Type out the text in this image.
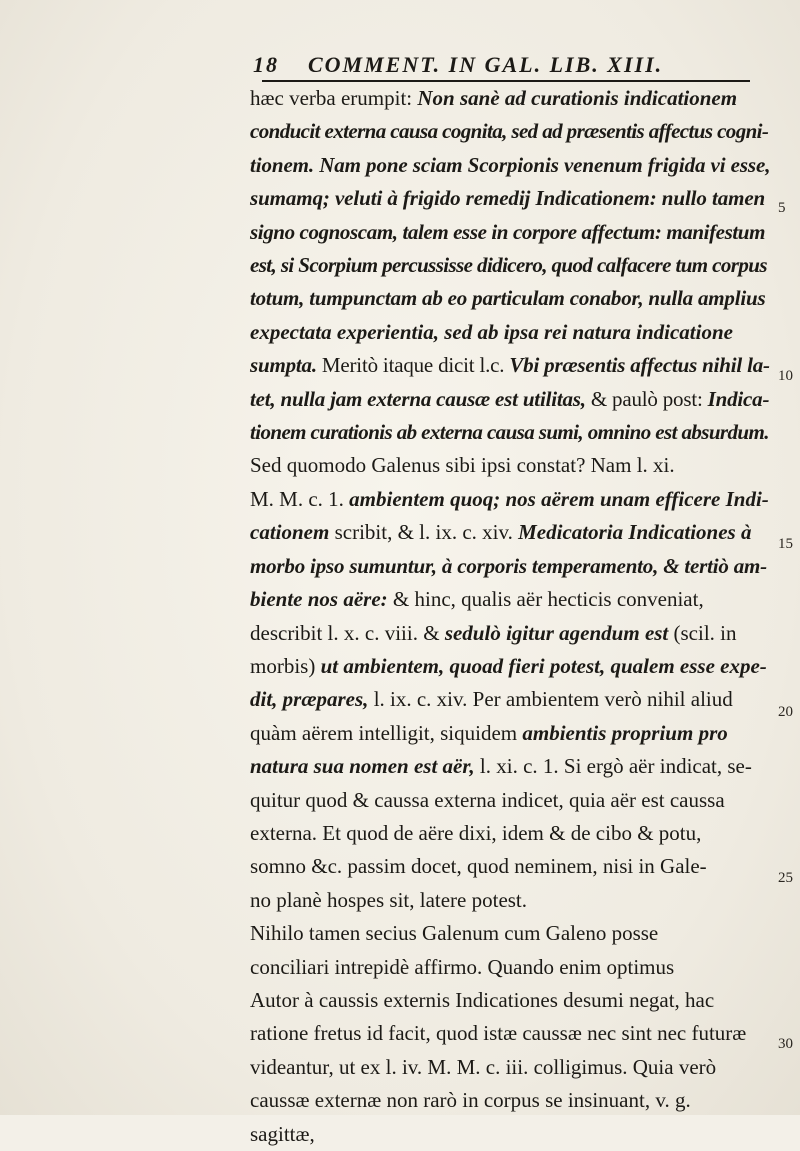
18 COMMENT. IN GAL. LIB. XIII.
hæc verba erumpit: Non sanè ad curationis indicationem
conducit externa causa cognita, sed ad præsentis affectus cogni-
tionem. Nam pone sciam Scorpionis venenum frigida vi esse,
sumamq; veluti à frigido remedij Indicationem: nullo tamen
signo cognoscam, talem esse in corpore affectum: manifestum
est, si Scorpium percussisse didicero, quod calfacere tum corpus
totum, tumpunctam ab eo particulam conabor, nulla amplius
expectata experientia, sed ab ipsa rei natura indicatione
sumpta. Meritò itaque dicit l.c. Vbi præsentis affectus nihil la-
tet, nulla jam externa causæ est utilitas, & paulò post: Indica-
tionem curationis ab externa causa sumi, omnino est absurdum.
Sed quomodo Galenus sibi ipsi constat? Nam l. xi.
M. M. c. 1. ambientem quoq; nos aërem unam efficere Indi-
cationem scribit, & l. ix. c. xiv. Medicatoria Indicationes à
morbo ipso sumuntur, à corporis temperamento, & tertiò am-
biente nos aëre: & hinc, qualis aër hecticis conveniat,
describit l. x. c. viii. & sedulò igitur agendum est (scil. in
morbis) ut ambientem, quoad fieri potest, qualem esse expe-
dit, præpares, l. ix. c. xiv. Per ambientem verò nihil aliud
quàm aërem intelligit, siquidem ambientis proprium pro
natura sua nomen est aër, l. xi. c. 1. Si ergò aër indicat, se-
quitur quod & caussa externa indicet, quia aër est caussa
externa. Et quod de aëre dixi, idem & de cibo & potu,
somno &c. passim docet, quod neminem, nisi in Gale-
no planè hospes sit, latere potest.
Nihilo tamen secius Galenum cum Galeno posse
conciliari intrepidè affirmo. Quando enim optimus
Autor à caussis externis Indicationes desumi negat, hac
ratione fretus id facit, quod istæ caussæ nec sint nec futuræ
videantur, ut ex l. iv. M. M. c. iii. colligimus. Quia verò
caussæ externæ non rarò in corpus se insinuant, v. g.
sagittæ,
5
10
15
20
25
30
